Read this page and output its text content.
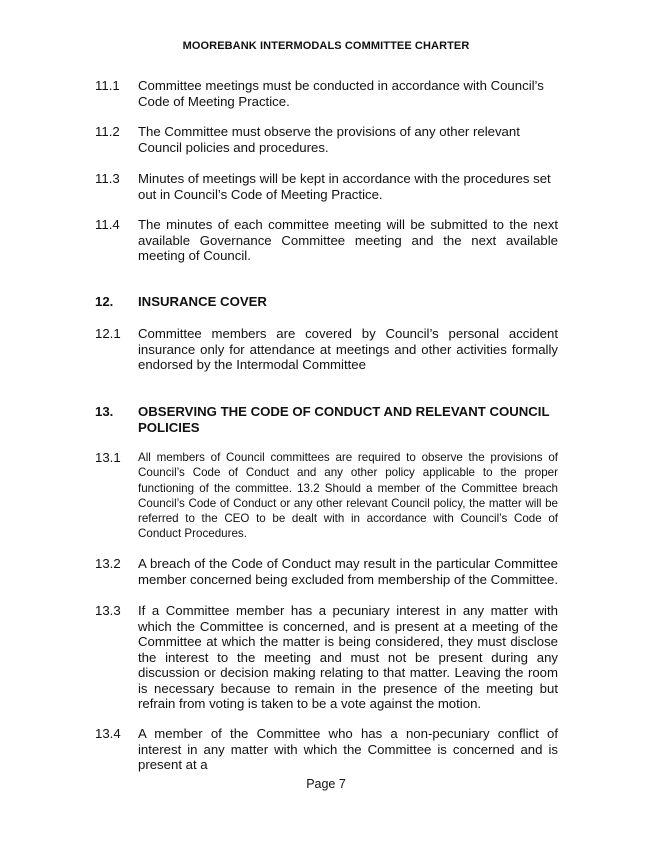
MOOREBANK INTERMODALS COMMITTEE CHARTER
11.1	Committee meetings must be conducted in accordance with Council’s Code of Meeting Practice.
11.2	The Committee must observe the provisions of any other relevant Council policies and procedures.
11.3	Minutes of meetings will be kept in accordance with the procedures set out in Council’s Code of Meeting Practice.
11.4	The minutes of each committee meeting will be submitted to the next available Governance Committee meeting and the next available meeting of Council.
12.	INSURANCE COVER
12.1	Committee members are covered by Council’s personal accident insurance only for attendance at meetings and other activities formally endorsed by the Intermodal Committee
13.	OBSERVING THE CODE OF CONDUCT AND RELEVANT COUNCIL POLICIES
13.1	All members of Council committees are required to observe the provisions of Council’s Code of Conduct and any other policy applicable to the proper functioning of the committee. 13.2 Should a member of the Committee breach Council’s Code of Conduct or any other relevant Council policy, the matter will be referred to the CEO to be dealt with in accordance with Council’s Code of Conduct Procedures.
13.2	A breach of the Code of Conduct may result in the particular Committee member concerned being excluded from membership of the Committee.
13.3	If a Committee member has a pecuniary interest in any matter with which the Committee is concerned, and is present at a meeting of the Committee at which the matter is being considered, they must disclose the interest to the meeting and must not be present during any discussion or decision making relating to that matter. Leaving the room is necessary because to remain in the presence of the meeting but refrain from voting is taken to be a vote against the motion.
13.4	A member of the Committee who has a non-pecuniary conflict of interest in any matter with which the Committee is concerned and is present at a
Page 7
